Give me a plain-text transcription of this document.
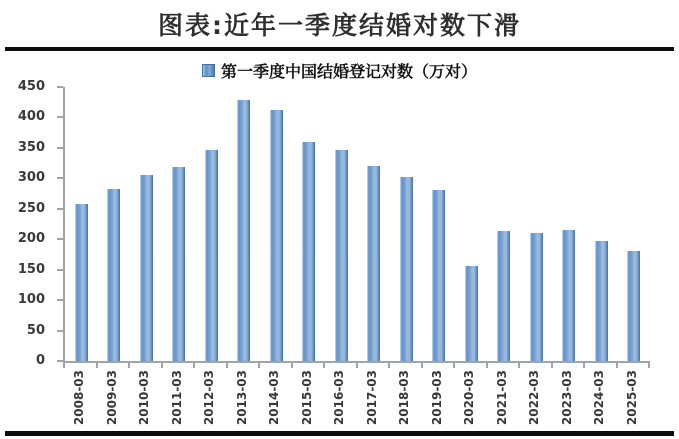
图表:近年一季度结婚对数下滑
第一季度中国结婚登记对数（万对）
450
400
350
300
250
200
150
100
50
0
2008-03 2009-03 2010-03 2011-03 2012-03 2013-03 2014-03 2015-03 2016-03 2017-03 2018-03 2019-03 2020-03 2021-03 2022-03 2023-03 2024-03 2025-03
